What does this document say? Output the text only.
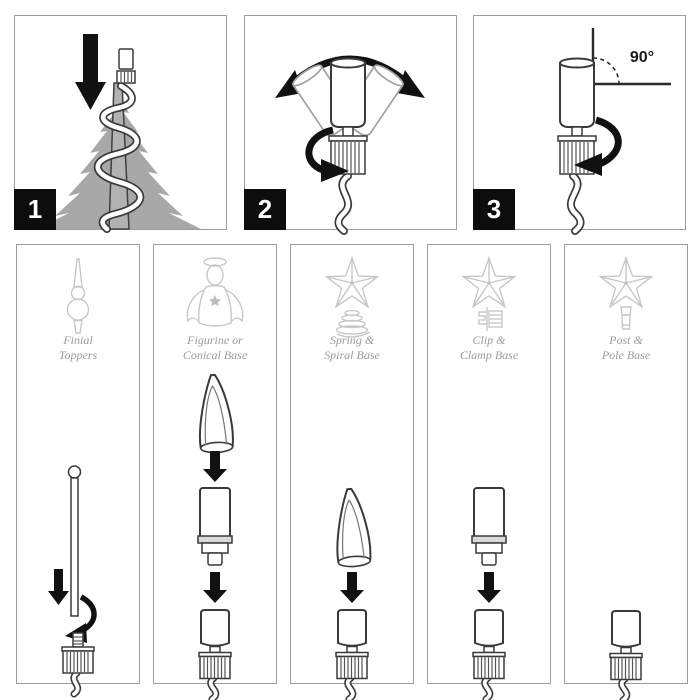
1	2
90°
3
Finial
Toppers
Figurine or
Conical Base
Spring &
Spiral Base
Clip &
Clamp Base
Post &
Pole Base
